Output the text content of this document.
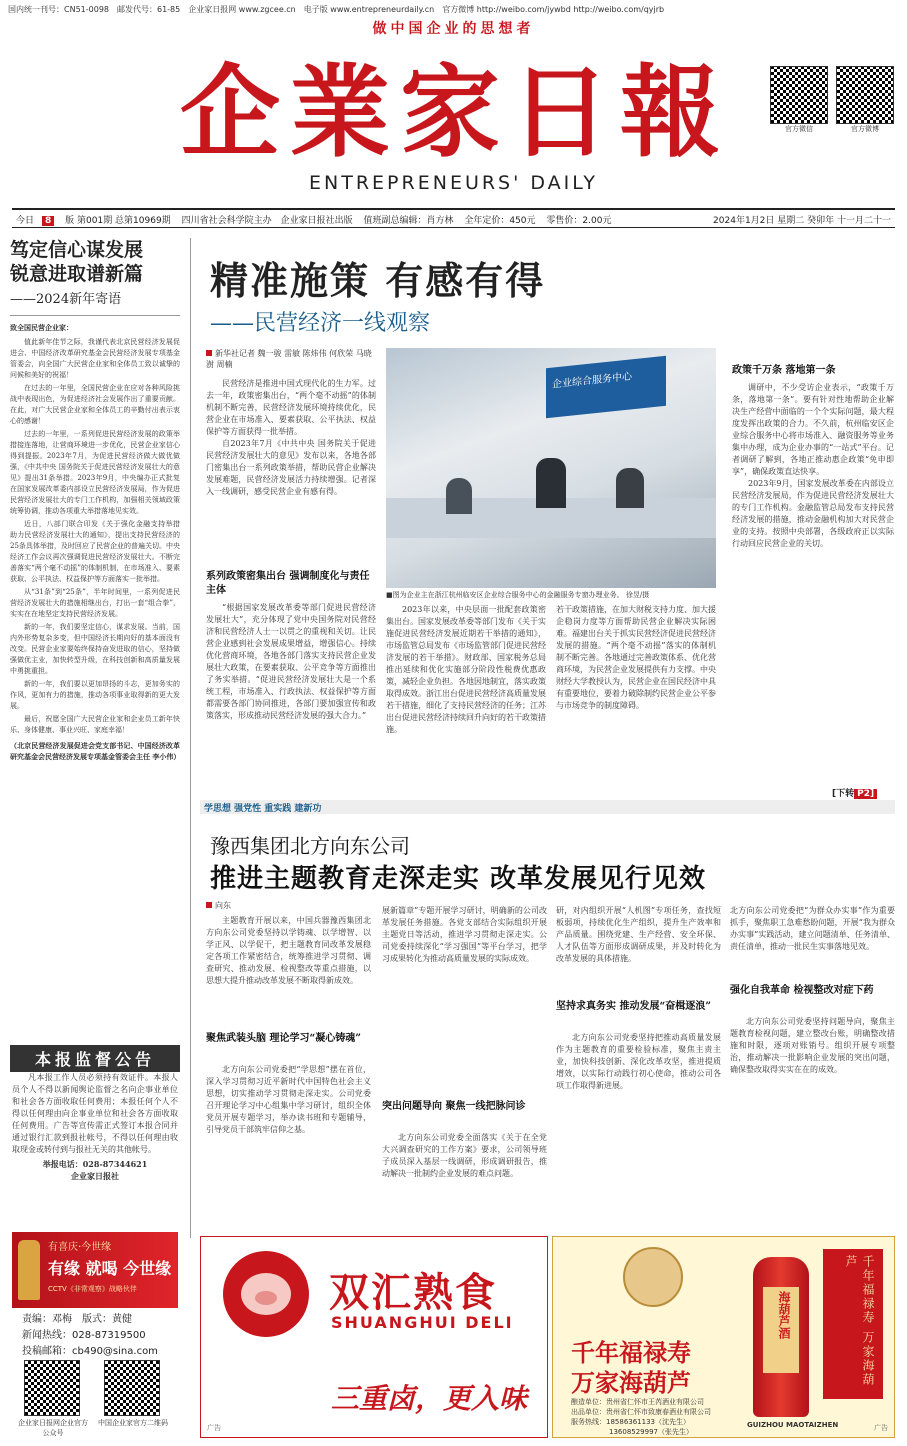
国内统一刊号：CN51-0098　邮发代号：61-85　企业家日报网 www.zgcee.cn　电子版 www.entrepreneurdaily.cn　官方微博 http://weibo.com/jywbd http://weibo.com/qyjrb
做中国企业的思想者
企業家日報
ENTREPRENEURS' DAILY
官方微信	官方微博
今日 8 版 第001期 总第10969期 四川省社会科学院主办　企业家日报社出版 值班副总编辑：肖方林 全年定价：450元 零售价：2.00元	2024年1月2日 星期二 癸卯年 十一月二十一
笃定信心谋发展
锐意进取谱新篇
——2024新年寄语
致全国民营企业家：

值此新年佳节之际，我谨代表北京民营经济发展促进会、中国经济改革研究基金会民营经济发展专项基金管委会，向全国广大民营企业家和全体员工致以诚挚的问候和美好的祝福！

在过去的一年里，全国民营企业在应对各种风险挑战中表现出色，为促进经济社会发展作出了重要贡献。在此，对广大民营企业家和全体员工的辛勤付出表示衷心的感谢！

过去的一年里，一系列促进民营经济发展的政策举措接连落地，让营商环境进一步优化，民营企业家信心得到提振。2023年7月，为促进民营经济做大做优做强，《中共中央 国务院关于促进民营经济发展壮大的意见》提出31条举措。2023年9月，中央编办正式批复在国家发展改革委内部设立民营经济发展局，作为促进民营经济发展壮大的专门工作机构，加强相关领域政策统筹协调，推动各项重大举措落地见实效。

近日，八部门联合印发《关于强化金融支持举措 助力民营经济发展壮大的通知》，提出支持民营经济的25条具体举措，及时回应了民营企业的普遍关切。中央经济工作会议再次强调促进民营经济发展壮大。不断完善落实“两个毫不动摇”的体制机制，在市场准入、要素获取、公平执法、权益保护等方面落实一批举措。

从“31条”到“25条”，半年时间里，一系列促进民营经济发展壮大的措施相继出台，打出一套“组合拳”，实实在在地坚定支持民营经济发展。

新的一年，我们要坚定信心，谋求发展。当前，国内外形势复杂多变，但中国经济长期向好的基本面没有改变。民营企业家要始终保持奋发进取的信心，坚持做强做优主业，加快转型升级，在科技创新和高质量发展中勇挑重担。

新的一年，我们要以更加昂扬的斗志，更加务实的作风，更加有力的措施，推动各项事业取得新的更大发展。

最后，祝愿全国广大民营企业家和企业员工新年快乐、身体健康、事业兴旺、家庭幸福！

（北京民营经济发展促进会党支部书记、中国经济改革研究基金会民营经济发展专项基金管委会主任 李小伟）

本报监督公告

凡本报工作人员必须持有效证件。本报人员个人不得以新闻舆论监督之名向企事业单位和社会各方面收取任何费用；本报任何个人不得以任何理由向企事业单位和社会各方面收取任何费用。广告等宣传需正式签订本报合同并通过银行汇款到报社帐号，不得以任何理由收取现金或转付到与报社无关的其他帐号。

举报电话：028-87344621

企业家日报社

有喜庆·今世缘
有缘 就喝 今世缘
CCTV《非常观察》战略伙伴
责编：邓梅　 版式：黄健
新闻热线：028-87319500
投稿邮箱：cb490@sina.com
企业家日报网企业官方公众号
中国企业家官方二维码
精准施策 有感有得
——民营经济一线观察
新华社记者 魏一骏 雷敏 陈炜伟 何欣荣 马晓澍 周楠

民营经济是推进中国式现代化的生力军。过去一年，政策密集出台，“两个毫不动摇”的体制机制不断完善，民营经济发展环境持续优化，民营企业在市场准入、要素获取、公平执法、权益保护等方面获得一批举措。

自2023年7月《中共中央 国务院关于促进民营经济发展壮大的意见》发布以来，各地各部门密集出台一系列政策举措，帮助民营企业解决发展难题，民营经济发展活力持续增强。记者深入一线调研，感受民营企业有感有得。

系列政策密集出台 强调制度化与责任主体

“根据国家发展改革委等部门促进民营经济发展壮大”，充分体现了党中央国务院对民营经济和民营经济人士一以贯之的重视和关切。让民营企业感到社会发展成果增益，增强信心。持续优化营商环境，各地各部门落实支持民营企业发展壮大政策，在要素获取、公平竞争等方面推出了务实举措。“促进民营经济发展壮大是一个系统工程，市场准入、行政执法、权益保护等方面都需要各部门协同推进，各部门要加强宣传和政策落实，形成推动民营经济发展的强大合力。”

企业综合服务中心
■图为企业主在浙江杭州临安区企业综合服务中心的金融服务专窗办理业务。 徐昱/摄

2023年以来，中央层面一批配套政策密集出台。国家发展改革委等部门发布《关于实施促进民营经济发展近期若干举措的通知》，市场监管总局发布《市场监管部门促进民营经济发展的若干举措》。财政部、国家税务总局推出延续和优化实施部分阶段性税费优惠政策，减轻企业负担。各地因地制宜，落实政策取得成效。浙江出台促进民营经济高质量发展若干措施，细化了支持民营经济的任务；江苏出台促进民营经济持续回升向好的若干政策措施。

若干政策措施，在加大财税支持力度、加大援企稳岗力度等方面帮助民营企业解决实际困难。福建出台关于抓实民营经济促进民营经济发展的措施。“两个毫不动摇”落实的体制机制不断完善。各地通过完善政策体系、优化营商环境，为民营企业发展提供有力支撑。中央财经大学教授认为，民营企业在国民经济中具有重要地位，要着力破除制约民营企业公平参与市场竞争的制度障碍。

政策千万条 落地第一条

调研中，不少受访企业表示，“政策千万条，落地第一条”。要有针对性地帮助企业解决生产经营中面临的一个个实际问题，最大程度发挥出政策的合力。不久前，杭州临安区企业综合服务中心将市场准入、融资服务等业务集中办理，成为企业办事的“一站式”平台。记者调研了解到，各地正推动惠企政策“免申即享”，确保政策直达快享。

2023年9月，国家发展改革委在内部设立民营经济发展局，作为促进民营经济发展壮大的专门工作机构。金融监管总局发布支持民营经济发展的措施，推动金融机构加大对民营企业的支持。按照中央部署，各级政府正以实际行动回应民营企业的关切。

[下转 P2]
学思想 强党性 重实践 建新功
豫西集团北方向东公司
推进主题教育走深走实 改革发展见行见效
向东

主题教育开展以来，中国兵器豫西集团北方向东公司党委坚持以学铸魂、以学增智、以学正风、以学促干，把主题教育同改革发展稳定各项工作紧密结合，统筹推进学习贯彻、调查研究、推动发展、检视整改等重点措施，以思想大提升推动改革发展不断取得新成效。

聚焦武装头脑 理论学习“凝心铸魂”

北方向东公司党委把“学思想”摆在首位，深入学习贯彻习近平新时代中国特色社会主义思想，切实推动学习贯彻走深走实。公司党委召开理论学习中心组集中学习研讨，组织全体党员开展专题学习，举办读书班和专题辅导，引导党员干部筑牢信仰之基。

展新篇章”专题开展学习研讨，明确新的公司改革发展任务措施。各党支部结合实际组织开展主题党日等活动，推进学习贯彻走深走实。公司党委持续深化“学习强国”等平台学习，把学习成果转化为推动高质量发展的实际成效。

突出问题导向 聚焦一线把脉问诊

北方向东公司党委全面落实《关于在全党大兴调查研究的工作方案》要求，公司领导班子成员深入基层一线调研，形成调研报告，推动解决一批制约企业发展的难点问题。

研，对内组织开展“人机图”专项任务，查找短板弱项，持续优化生产组织，提升生产效率和产品质量。围绕党建、生产经营、安全环保、人才队伍等方面形成调研成果，并及时转化为改革发展的具体措施。

坚持求真务实 推动发展“奋楫逐浪”

北方向东公司党委坚持把推动高质量发展作为主题教育的重要检验标准，聚焦主责主业，加快科技创新、深化改革攻坚，推进提质增效，以实际行动践行初心使命，推动公司各项工作取得新进展。

北方向东公司党委把“为群众办实事”作为重要抓手，聚焦职工急难愁盼问题，开展“我为群众办实事”实践活动，建立问题清单、任务清单、责任清单，推动一批民生实事落地见效。

强化自我革命 检视整改对症下药

北方向东公司党委坚持问题导向，聚焦主题教育检视问题，建立整改台账，明确整改措施和时限，逐项对账销号。组织开展专项整治，推动解决一批影响企业发展的突出问题，确保整改取得实实在在的成效。

双汇熟食
SHUANGHUI DELI
三重卤，更入味
广告
千年福禄寿
万家海葫芦
酿造单位：贵州省仁怀市王芮酒业有限公司
出品单位：贵州省仁怀市致康春酒业有限公司
服务热线：18586361133（沈先生）
13608529997（张先生）
海葫芦酒
GUIZHOU MAOTAIZHEN
千年福禄寿 万家海葫芦
广告
